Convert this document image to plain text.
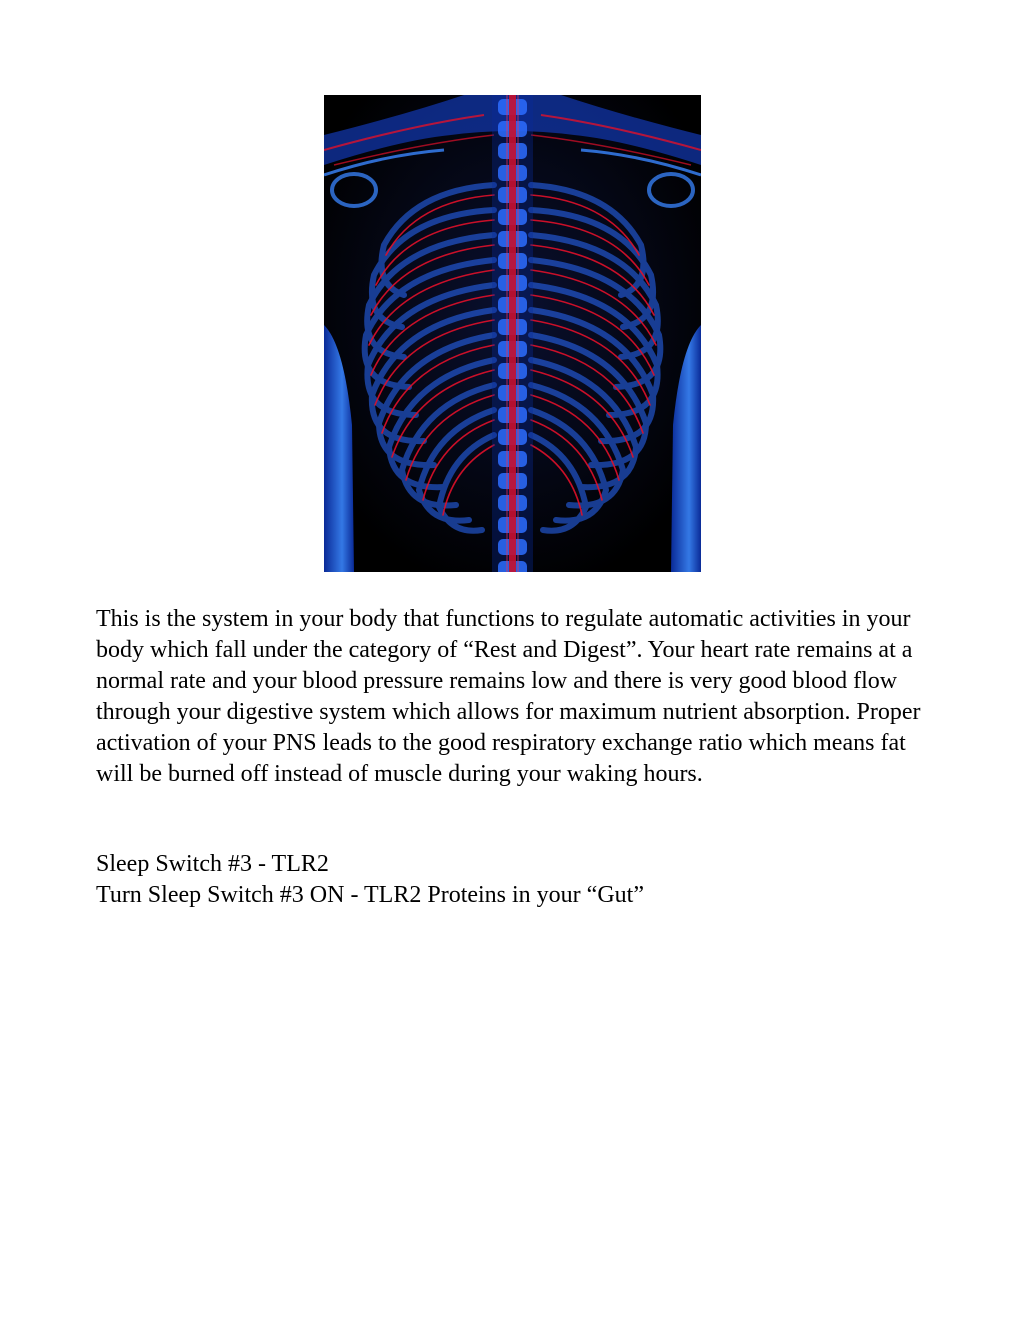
This is the system in your body that functions to regulate automatic activities in your body which fall under the category of “Rest and Digest”. Your heart rate remains at a normal rate and your blood pressure remains low and there is very good blood flow through your digestive system which allows for maximum nutrient absorption. Proper activation of your PNS leads to the good respiratory exchange ratio which means fat will be burned off instead of muscle during your waking hours.

Sleep Switch #3 - TLR2

Turn Sleep Switch #3 ON - TLR2 Proteins in your “Gut”
